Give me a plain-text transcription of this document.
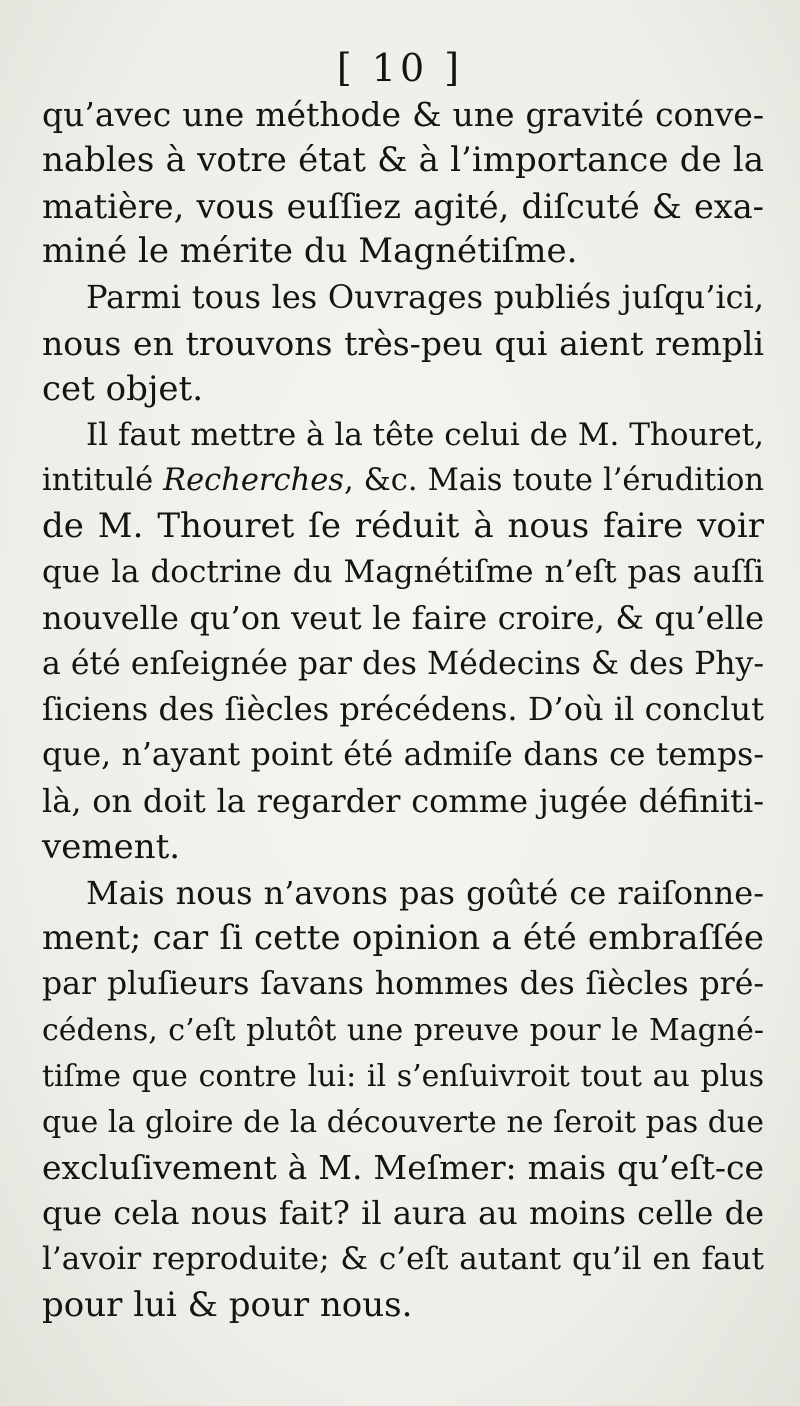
[ 10 ]
qu’avec une méthode & une gravité conve-
nables à votre état & à l’importance de la
matière, vous euſſiez agité, diſcuté & exa-
miné le mérite du Magnétiſme.
Parmi tous les Ouvrages publiés juſqu’ici,
nous en trouvons très-peu qui aient rempli
cet objet.
Il faut mettre à la tête celui de M. Thouret,
intitulé Recherches, &c. Mais toute l’érudition
de M. Thouret ſe réduit à nous faire voir
que la doctrine du Magnétiſme n’eſt pas auſſi
nouvelle qu’on veut le faire croire, & qu’elle
a été enſeignée par des Médecins & des Phy-
ſiciens des ſiècles précédens. D’où il conclut
que, n’ayant point été admiſe dans ce temps-
là, on doit la regarder comme jugée définiti-
vement.
Mais nous n’avons pas goûté ce raiſonne-
ment; car ſi cette opinion a été embraſſée
par pluſieurs ſavans hommes des ſiècles pré-
cédens, c’eſt plutôt une preuve pour le Magné-
tiſme que contre lui: il s’enſuivroit tout au plus
que la gloire de la découverte ne ſeroit pas due
excluſivement à M. Meſmer: mais qu’eſt-ce
que cela nous fait? il aura au moins celle de
l’avoir reproduite; & c’eſt autant qu’il en faut
pour lui & pour nous.
